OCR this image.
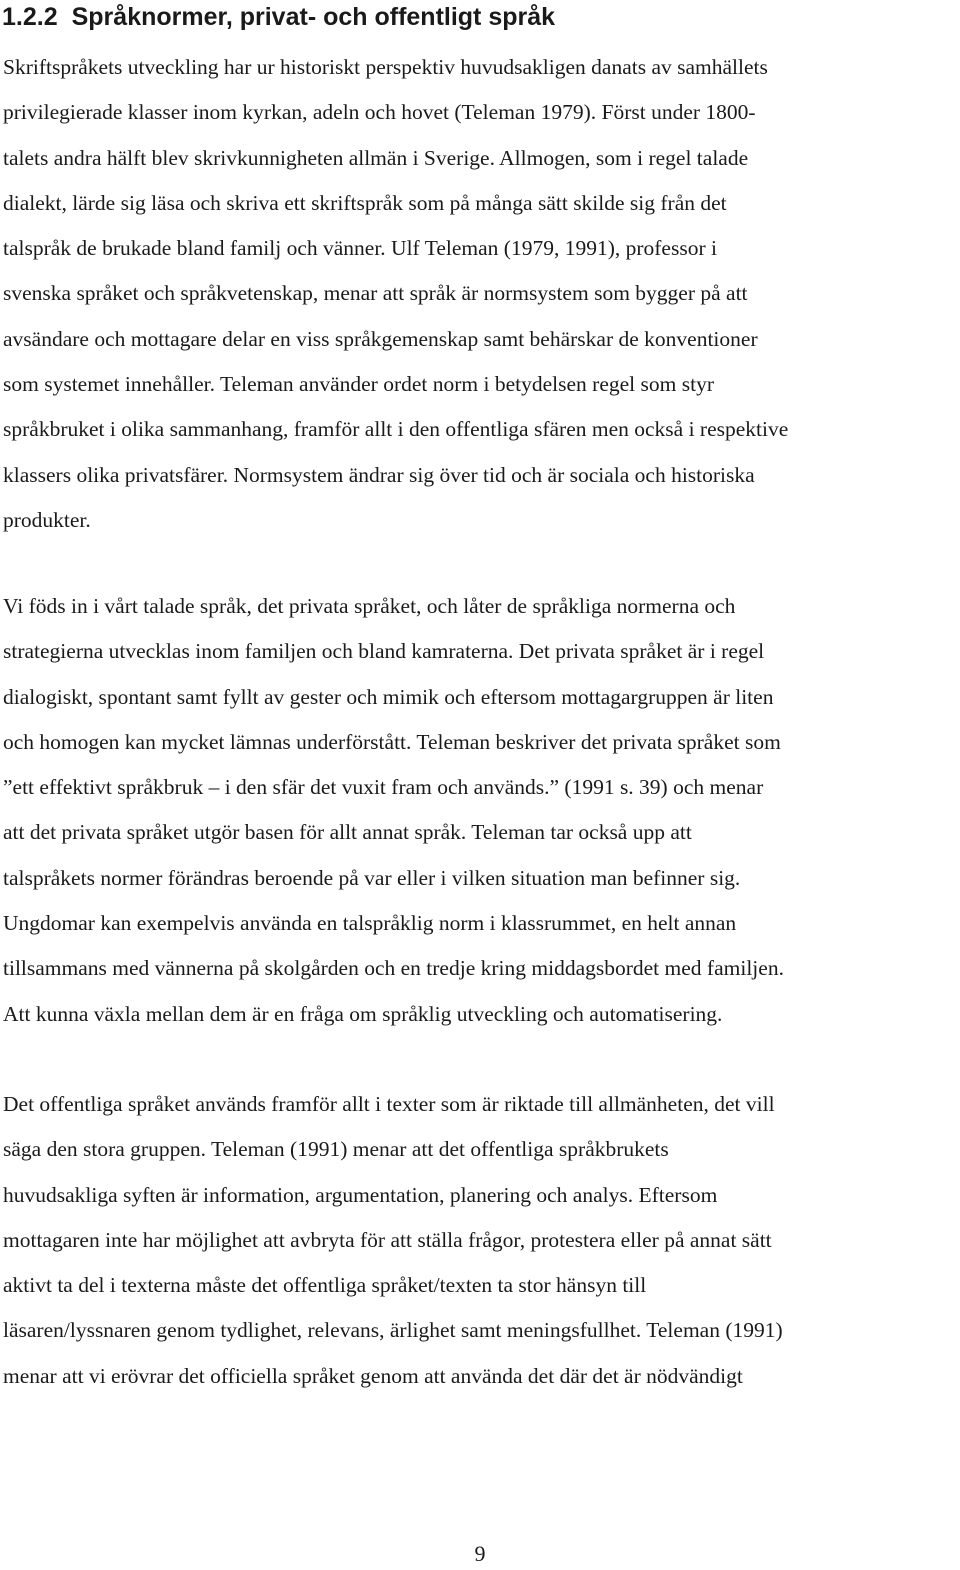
1.2.2 Språknormer, privat- och offentligt språk
Skriftspråkets utveckling har ur historiskt perspektiv huvudsakligen danats av samhällets
privilegierade klasser inom kyrkan, adeln och hovet (Teleman 1979). Först under 1800-
talets andra hälft blev skrivkunnigheten allmän i Sverige. Allmogen, som i regel talade
dialekt, lärde sig läsa och skriva ett skriftspråk som på många sätt skilde sig från det
talspråk de brukade bland familj och vänner. Ulf Teleman (1979, 1991), professor i
svenska språket och språkvetenskap, menar att språk är normsystem som bygger på att
avsändare och mottagare delar en viss språkgemenskap samt behärskar de konventioner
som systemet innehåller. Teleman använder ordet norm i betydelsen regel som styr
språkbruket i olika sammanhang, framför allt i den offentliga sfären men också i respektive
klassers olika privatsfärer. Normsystem ändrar sig över tid och är sociala och historiska
produkter.
Vi föds in i vårt talade språk, det privata språket, och låter de språkliga normerna och
strategierna utvecklas inom familjen och bland kamraterna. Det privata språket är i regel
dialogiskt, spontant samt fyllt av gester och mimik och eftersom mottagargruppen är liten
och homogen kan mycket lämnas underförstått. Teleman beskriver det privata språket som
”ett effektivt språkbruk – i den sfär det vuxit fram och används.” (1991 s. 39) och menar
att det privata språket utgör basen för allt annat språk. Teleman tar också upp att
talspråkets normer förändras beroende på var eller i vilken situation man befinner sig.
Ungdomar kan exempelvis använda en talspråklig norm i klassrummet, en helt annan
tillsammans med vännerna på skolgården och en tredje kring middagsbordet med familjen.
Att kunna växla mellan dem är en fråga om språklig utveckling och automatisering.
Det offentliga språket används framför allt i texter som är riktade till allmänheten, det vill
säga den stora gruppen. Teleman (1991) menar att det offentliga språkbrukets
huvudsakliga syften är information, argumentation, planering och analys. Eftersom
mottagaren inte har möjlighet att avbryta för att ställa frågor, protestera eller på annat sätt
aktivt ta del i texterna måste det offentliga språket/texten ta stor hänsyn till
läsaren/lyssnaren genom tydlighet, relevans, ärlighet samt meningsfullhet. Teleman (1991)
menar att vi erövrar det officiella språket genom att använda det där det är nödvändigt

9
